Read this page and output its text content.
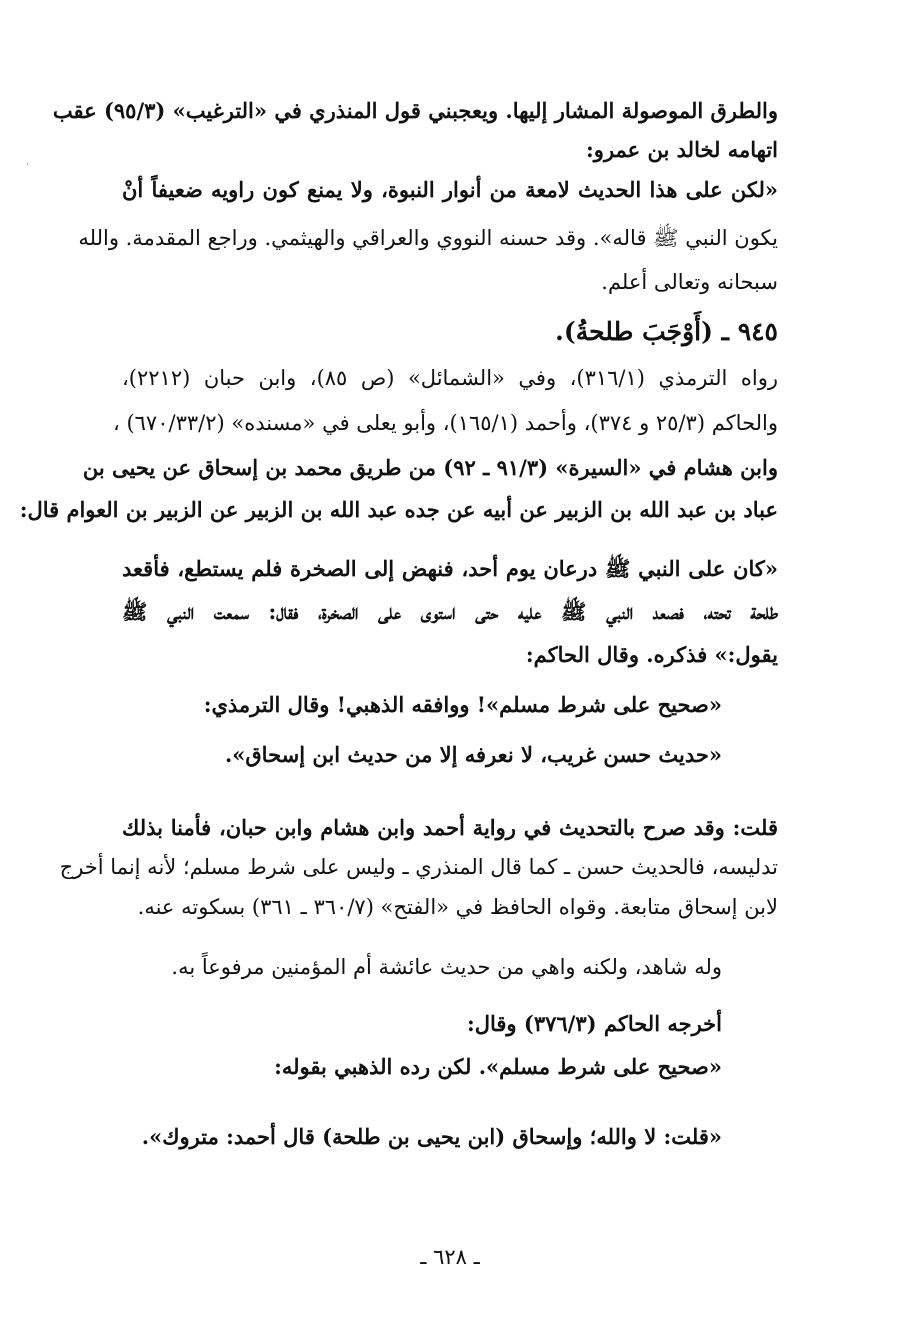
والطرق الموصولة المشار إليها. ويعجبني قول المنذري في «الترغيب» (٩٥/٣) عقب
اتهامه لخالد بن عمرو:
«لكن على هذا الحديث لامعة من أنوار النبوة، ولا يمنع كون راويه ضعيفاً أنْ
يكون النبي ﷺ قاله». وقد حسنه النووي والعراقي والهيثمي. وراجع المقدمة. والله
سبحانه وتعالى أعلم.
˙
٩٤٥ ـ (أَوْجَبَ طلحةُ).
رواه الترمذي (٣١٦/١)، وفي «الشمائل» (ص ٨٥)، وابن حبان (٢٢١٢)،
والحاكم (٢٥/٣ و ٣٧٤)، وأحمد (١٦٥/١)، وأبو يعلى في «مسنده» (٦٧٠/٣٣/٢) ،
وابن هشام في «السيرة» (٩١/٣ ـ ٩٢) من طريق محمد بن إسحاق عن يحيى بن
عباد بن عبد الله بن الزبير عن أبيه عن جده عبد الله بن الزبير عن الزبير بن العوام قال:
«كان على النبي ﷺ درعان يوم أحد، فنهض إلى الصخرة فلم يستطع، فأقعد
طلحة تحته، فصعد النبي ﷺ عليه حتى استوى على الصخرة، فقال: سمعت النبي ﷺ
يقول:» فذكره. وقال الحاكم:
«صحيح على شرط مسلم»! ووافقه الذهبي! وقال الترمذي:
«حديث حسن غريب، لا نعرفه إلا من حديث ابن إسحاق».
قلت: وقد صرح بالتحديث في رواية أحمد وابن هشام وابن حبان، فأمنا بذلك
تدليسه، فالحديث حسن ـ كما قال المنذري ـ وليس على شرط مسلم؛ لأنه إنما أخرج
لابن إسحاق متابعة. وقواه الحافظ في «الفتح» (٣٦٠/٧ ـ ٣٦١) بسكوته عنه.
وله شاهد، ولكنه واهي من حديث عائشة أم المؤمنين مرفوعاً به.
أخرجه الحاكم (٣٧٦/٣) وقال:
«صحيح على شرط مسلم». لكن رده الذهبي بقوله:
«قلت: لا والله؛ وإسحاق (ابن يحيى بن طلحة) قال أحمد: متروك».
ـ ٦٢٨ ـ
